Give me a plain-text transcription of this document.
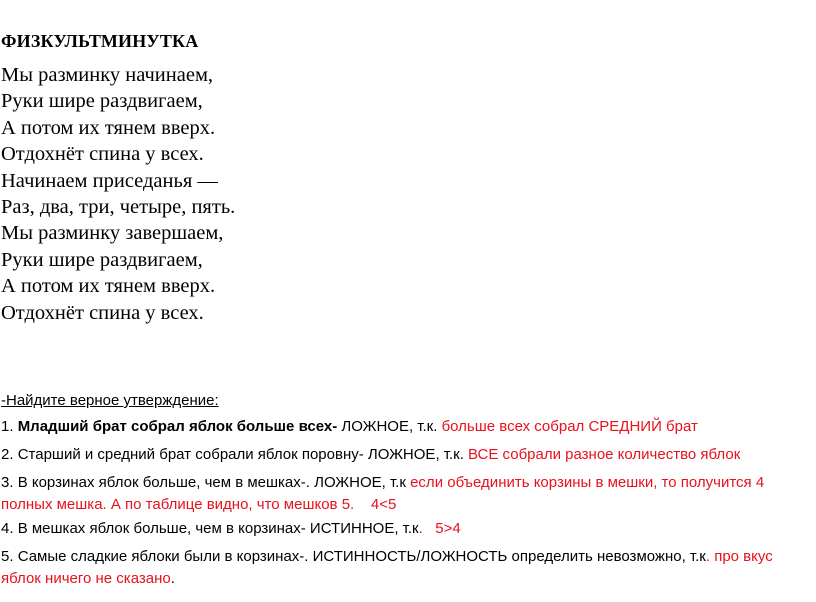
ФИЗКУЛЬТМИНУТКА
Мы разминку начинаем,
Руки шире раздвигаем,
А потом их тянем вверх.
Отдохнёт спина у всех.
Начинаем приседанья —
Раз, два, три, четыре, пять.
Мы разминку завершаем,
Руки шире раздвигаем,
А потом их тянем вверх.
Отдохнёт спина у всех.
-Найдите верное утверждение:
1. Младший брат собрал яблок больше всех- ЛОЖНОЕ, т.к. больше всех собрал СРЕДНИЙ брат
2. Старший и средний брат собрали яблок поровну- ЛОЖНОЕ, т.к. ВСЕ собрали разное количество яблок
3. В корзинах яблок больше, чем в мешках-. ЛОЖНОЕ, т.к если объединить корзины в мешки, то получится 4 полных мешка. А по таблице видно, что мешков 5. 4<5
4. В мешках яблок больше, чем в корзинах- ИСТИННОЕ, т.к. 5>4
5. Самые сладкие яблоки были в корзинах-. ИСТИННОСТЬ/ЛОЖНОСТЬ определить невозможно, т.к. про вкус яблок ничего не сказано.
